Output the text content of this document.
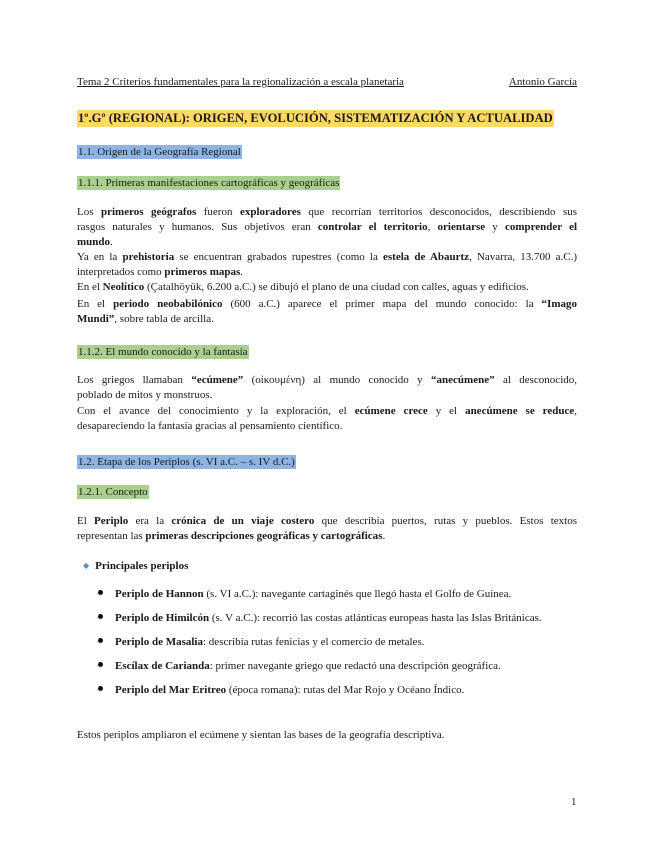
Tema 2 Criterios fundamentales para la regionalización a escala planetaria	Antonio García
1º.Gº (REGIONAL): ORIGEN, EVOLUCIÓN, SISTEMATIZACIÓN Y ACTUALIDAD
1.1. Origen de la Geografía Regional
1.1.1. Primeras manifestaciones cartográficas y geográficas
Los primeros geógrafos fueron exploradores que recorrían territorios desconocidos, describiendo sus
rasgos naturales y humanos. Sus objetivos eran controlar el territorio, orientarse y comprender el
mundo.
Ya en la prehistoria se encuentran grabados rupestres (como la estela de Abaurtz, Navarra, 13.700 a.C.)
interpretados como primeros mapas.
En el Neolítico (Çatalhöyük, 6.200 a.C.) se dibujó el plano de una ciudad con calles, aguas y edificios.
En el periodo neobabilónico (600 a.C.) aparece el primer mapa del mundo conocido: la “Imago
Mundi”, sobre tabla de arcilla.
1.1.2. El mundo conocido y la fantasía
Los griegos llamaban “ecúmene” (οἰκουμένη) al mundo conocido y “anecúmene” al desconocido,
poblado de mitos y monstruos.
Con el avance del conocimiento y la exploración, el ecúmene crece y el anecúmene se reduce,
desapareciendo la fantasía gracias al pensamiento científico.
1.2. Etapa de los Periplos (s. VI a.C. – s. IV d.C.)
1.2.1. Concepto
El Periplo era la crónica de un viaje costero que describía puertos, rutas y pueblos. Estos textos
representan las primeras descripciones geográficas y cartográficas.
◆ Principales periplos
Periplo de Hannon (s. VI a.C.): navegante cartaginés que llegó hasta el Golfo de Guinea.
Periplo de Himilcón (s. V a.C.): recorrió las costas atlánticas europeas hasta las Islas Británicas.
Periplo de Masalia: describía rutas fenicias y el comercio de metales.
Escílax de Carianda: primer navegante griego que redactó una descripción geográfica.
Periplo del Mar Eritreo (época romana): rutas del Mar Rojo y Océano Índico.
Estos periplos ampliaron el ecúmene y sientan las bases de la geografía descriptiva.
1
